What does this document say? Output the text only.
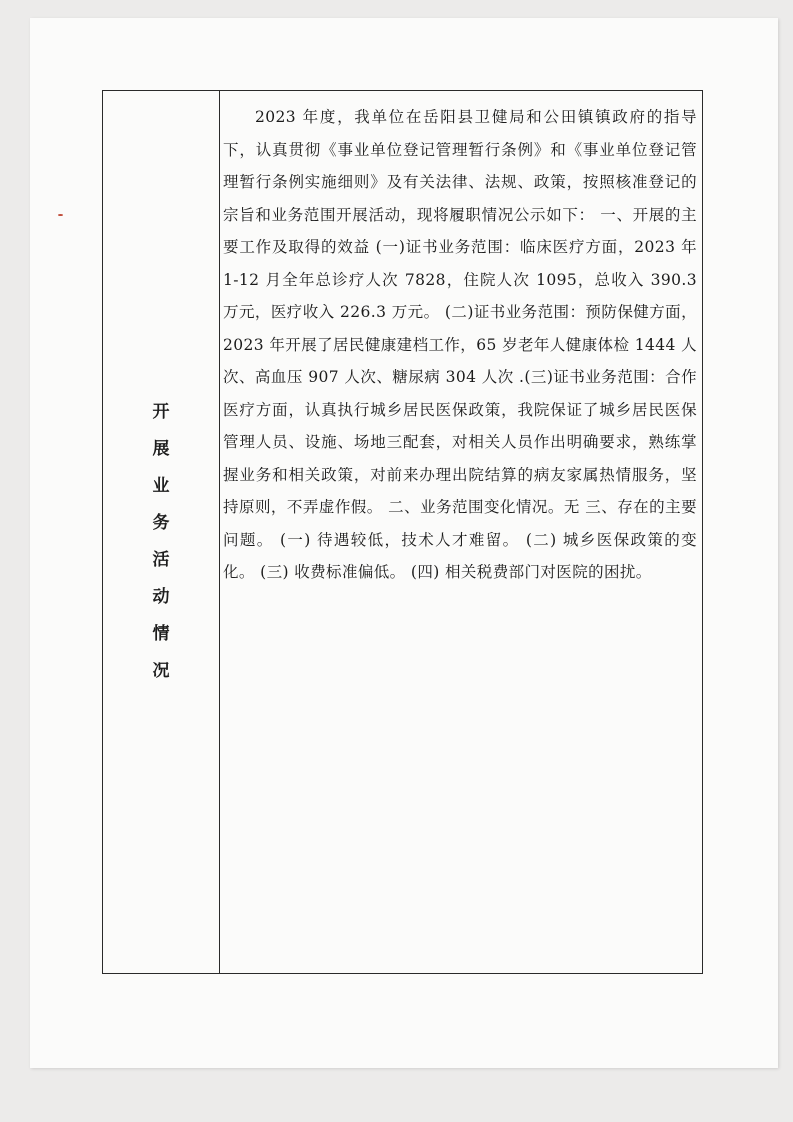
开
展
业
务
活
动
情
况

2023 年度，我单位在岳阳县卫健局和公田镇镇政府的指导下，认真贯彻《事业单位登记管理暂行条例》和《事业单位登记管理暂行条例实施细则》及有关法律、法规、政策，按照核准登记的宗旨和业务范围开展活动，现将履职情况公示如下： 一、开展的主要工作及取得的效益 (一)证书业务范围：临床医疗方面，2023 年 1-12 月全年总诊疗人次 7828，住院人次 1095，总收入 390.3 万元，医疗收入 226.3 万元。 (二)证书业务范围：预防保健方面，2023 年开展了居民健康建档工作，65 岁老年人健康体检 1444 人次、高血压 907 人次、糖尿病 304 人次 .(三)证书业务范围：合作医疗方面，认真执行城乡居民医保政策，我院保证了城乡居民医保管理人员、设施、场地三配套，对相关人员作出明确要求，熟练掌握业务和相关政策，对前来办理出院结算的病友家属热情服务，坚持原则，不弄虚作假。 二、业务范围变化情况。无 三、存在的主要问题。 (一) 待遇较低，技术人才难留。 (二) 城乡医保政策的变化。 (三) 收费标准偏低。 (四) 相关税费部门对医院的困扰。
